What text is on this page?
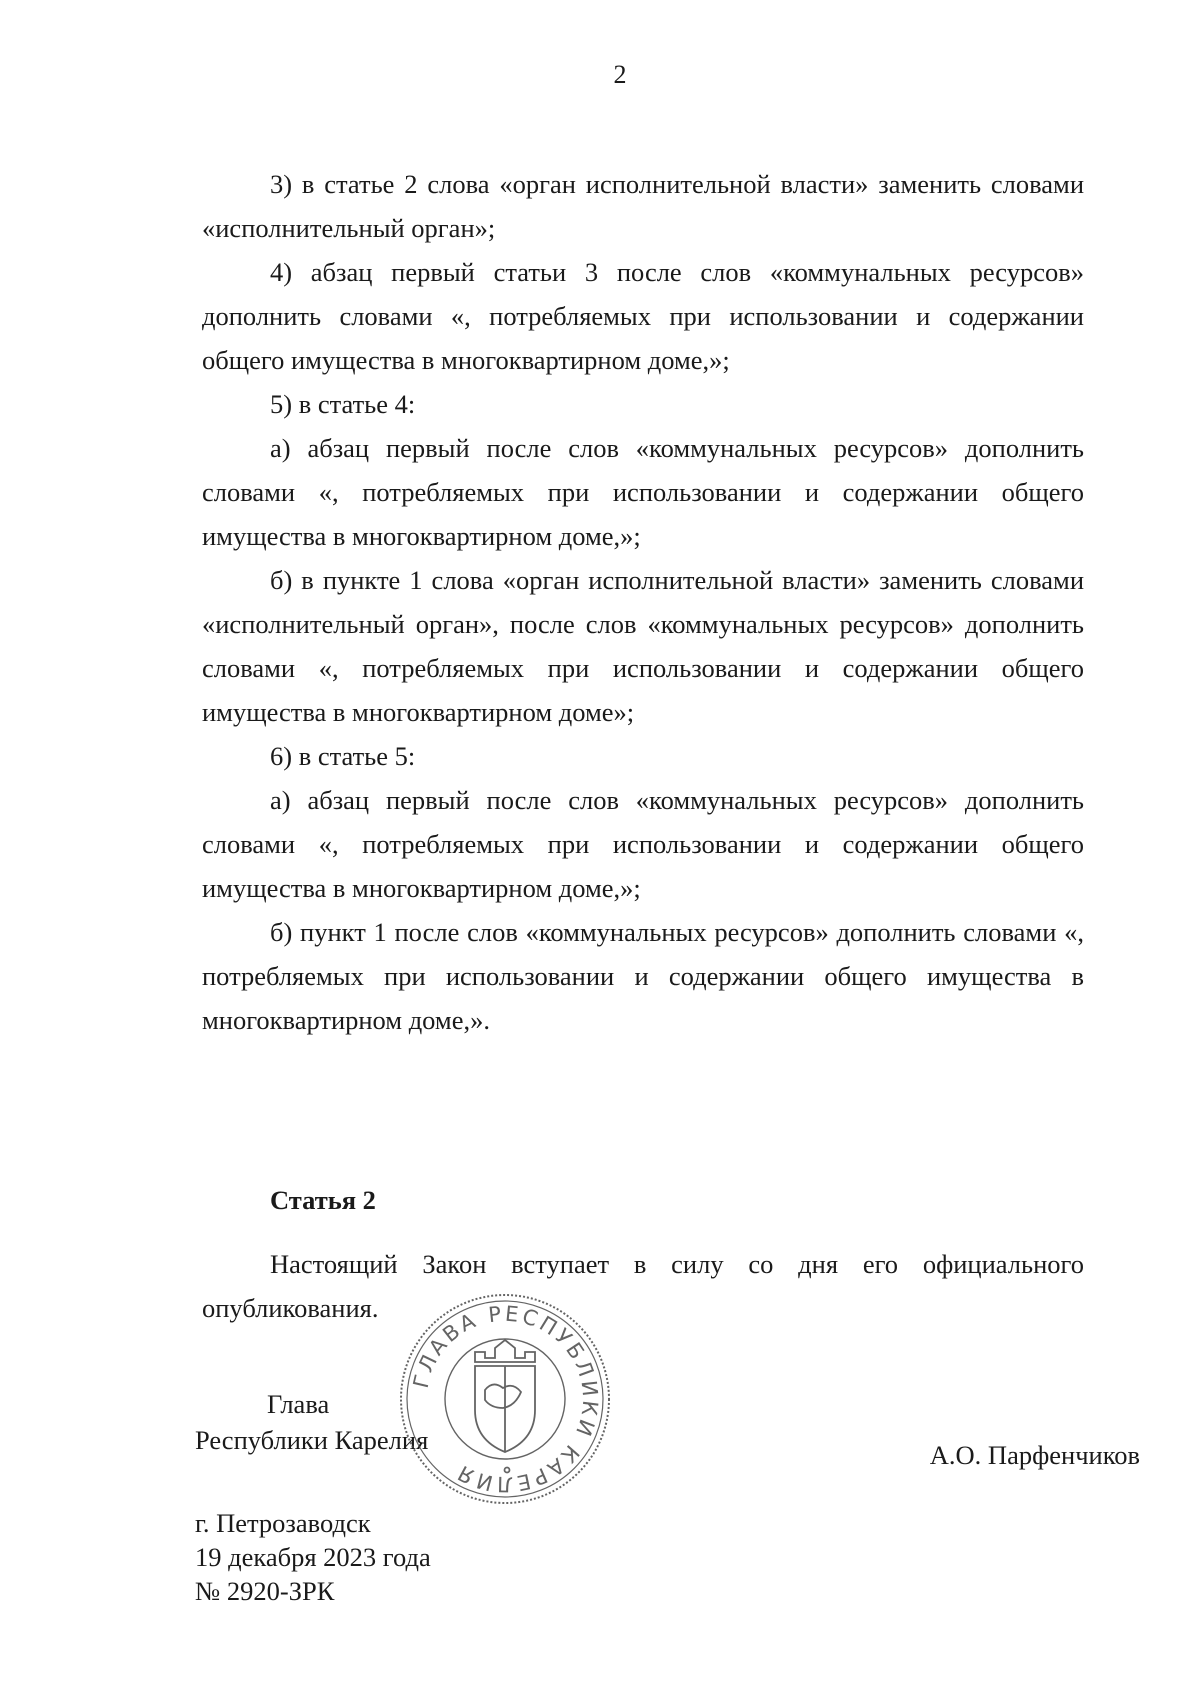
2

3) в статье 2 слова «орган исполнительной власти» заменить словами «исполнительный орган»;

4) абзац первый статьи 3 после слов «коммунальных ресурсов» дополнить словами «, потребляемых при использовании и содержании общего имущества в многоквартирном доме,»;

5) в статье 4:

а) абзац первый после слов «коммунальных ресурсов» дополнить словами «, потребляемых при использовании и содержании общего имущества в многоквартирном доме,»;

б) в пункте 1 слова «орган исполнительной власти» заменить словами «исполнительный орган», после слов «коммунальных ресурсов» дополнить словами «, потребляемых при использовании и содержании общего имущества в многоквартирном доме»;

6) в статье 5:

а) абзац первый после слов «коммунальных ресурсов» дополнить словами «, потребляемых при использовании и содержании общего имущества в многоквартирном доме,»;

б) пункт 1 после слов «коммунальных ресурсов» дополнить словами «, потребляемых при использовании и содержании общего имущества в многоквартирном доме,».

Статья 2

Настоящий Закон вступает в силу со дня его официального опубликования.

Глава
Республики Карелия	А.О. Парфенчиков
г. Петрозаводск
19 декабря 2023 года
№ 2920-ЗРК
ГЛАВА РЕСПУБЛИКИ КАРЕЛИЯ
